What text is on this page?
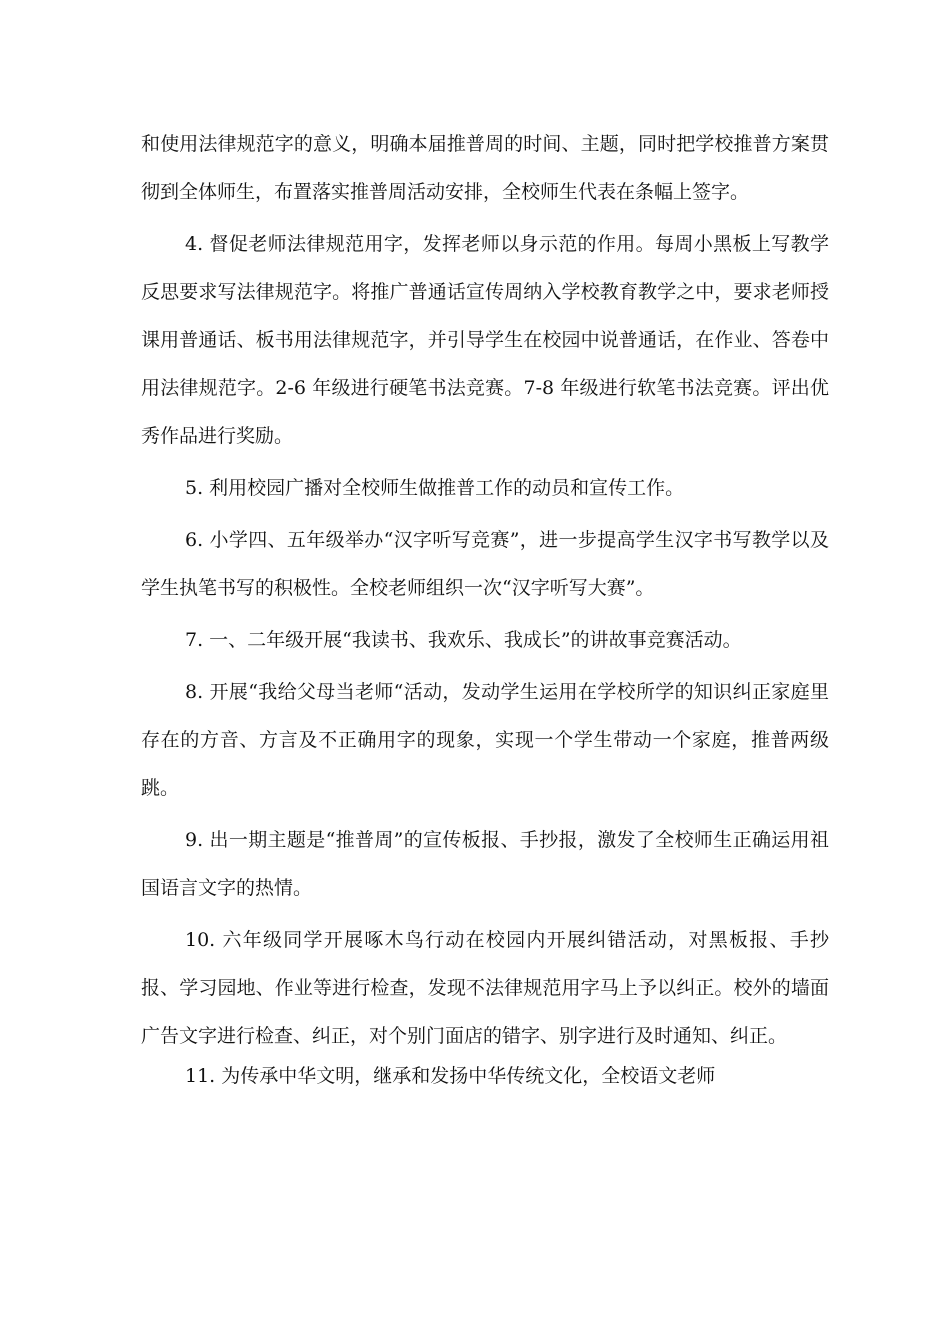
和使用法律规范字的意义，明确本届推普周的时间、主题，同时把学校推普方案贯彻到全体师生，布置落实推普周活动安排，全校师生代表在条幅上签字。

4. 督促老师法律规范用字，发挥老师以身示范的作用。每周小黑板上写教学反思要求写法律规范字。将推广普通话宣传周纳入学校教育教学之中，要求老师授课用普通话、板书用法律规范字，并引导学生在校园中说普通话，在作业、答卷中用法律规范字。2-6 年级进行硬笔书法竞赛。7-8 年级进行软笔书法竞赛。评出优秀作品进行奖励。

5. 利用校园广播对全校师生做推普工作的动员和宣传工作。

6. 小学四、五年级举办“汉字听写竞赛”，进一步提高学生汉字书写教学以及学生执笔书写的积极性。全校老师组织一次“汉字听写大赛”。

7. 一、二年级开展“我读书、我欢乐、我成长”的讲故事竞赛活动。

8. 开展“我给父母当老师“活动，发动学生运用在学校所学的知识纠正家庭里存在的方音、方言及不正确用字的现象，实现一个学生带动一个家庭，推普两级跳。

9. 出一期主题是“推普周”的宣传板报、手抄报，激发了全校师生正确运用祖国语言文字的热情。

10. 六年级同学开展啄木鸟行动在校园内开展纠错活动，对黑板报、手抄报、学习园地、作业等进行检查，发现不法律规范用字马上予以纠正。校外的墙面广告文字进行检查、纠正，对个别门面店的错字、别字进行及时通知、纠正。

11. 为传承中华文明，继承和发扬中华传统文化，全校语文老师
